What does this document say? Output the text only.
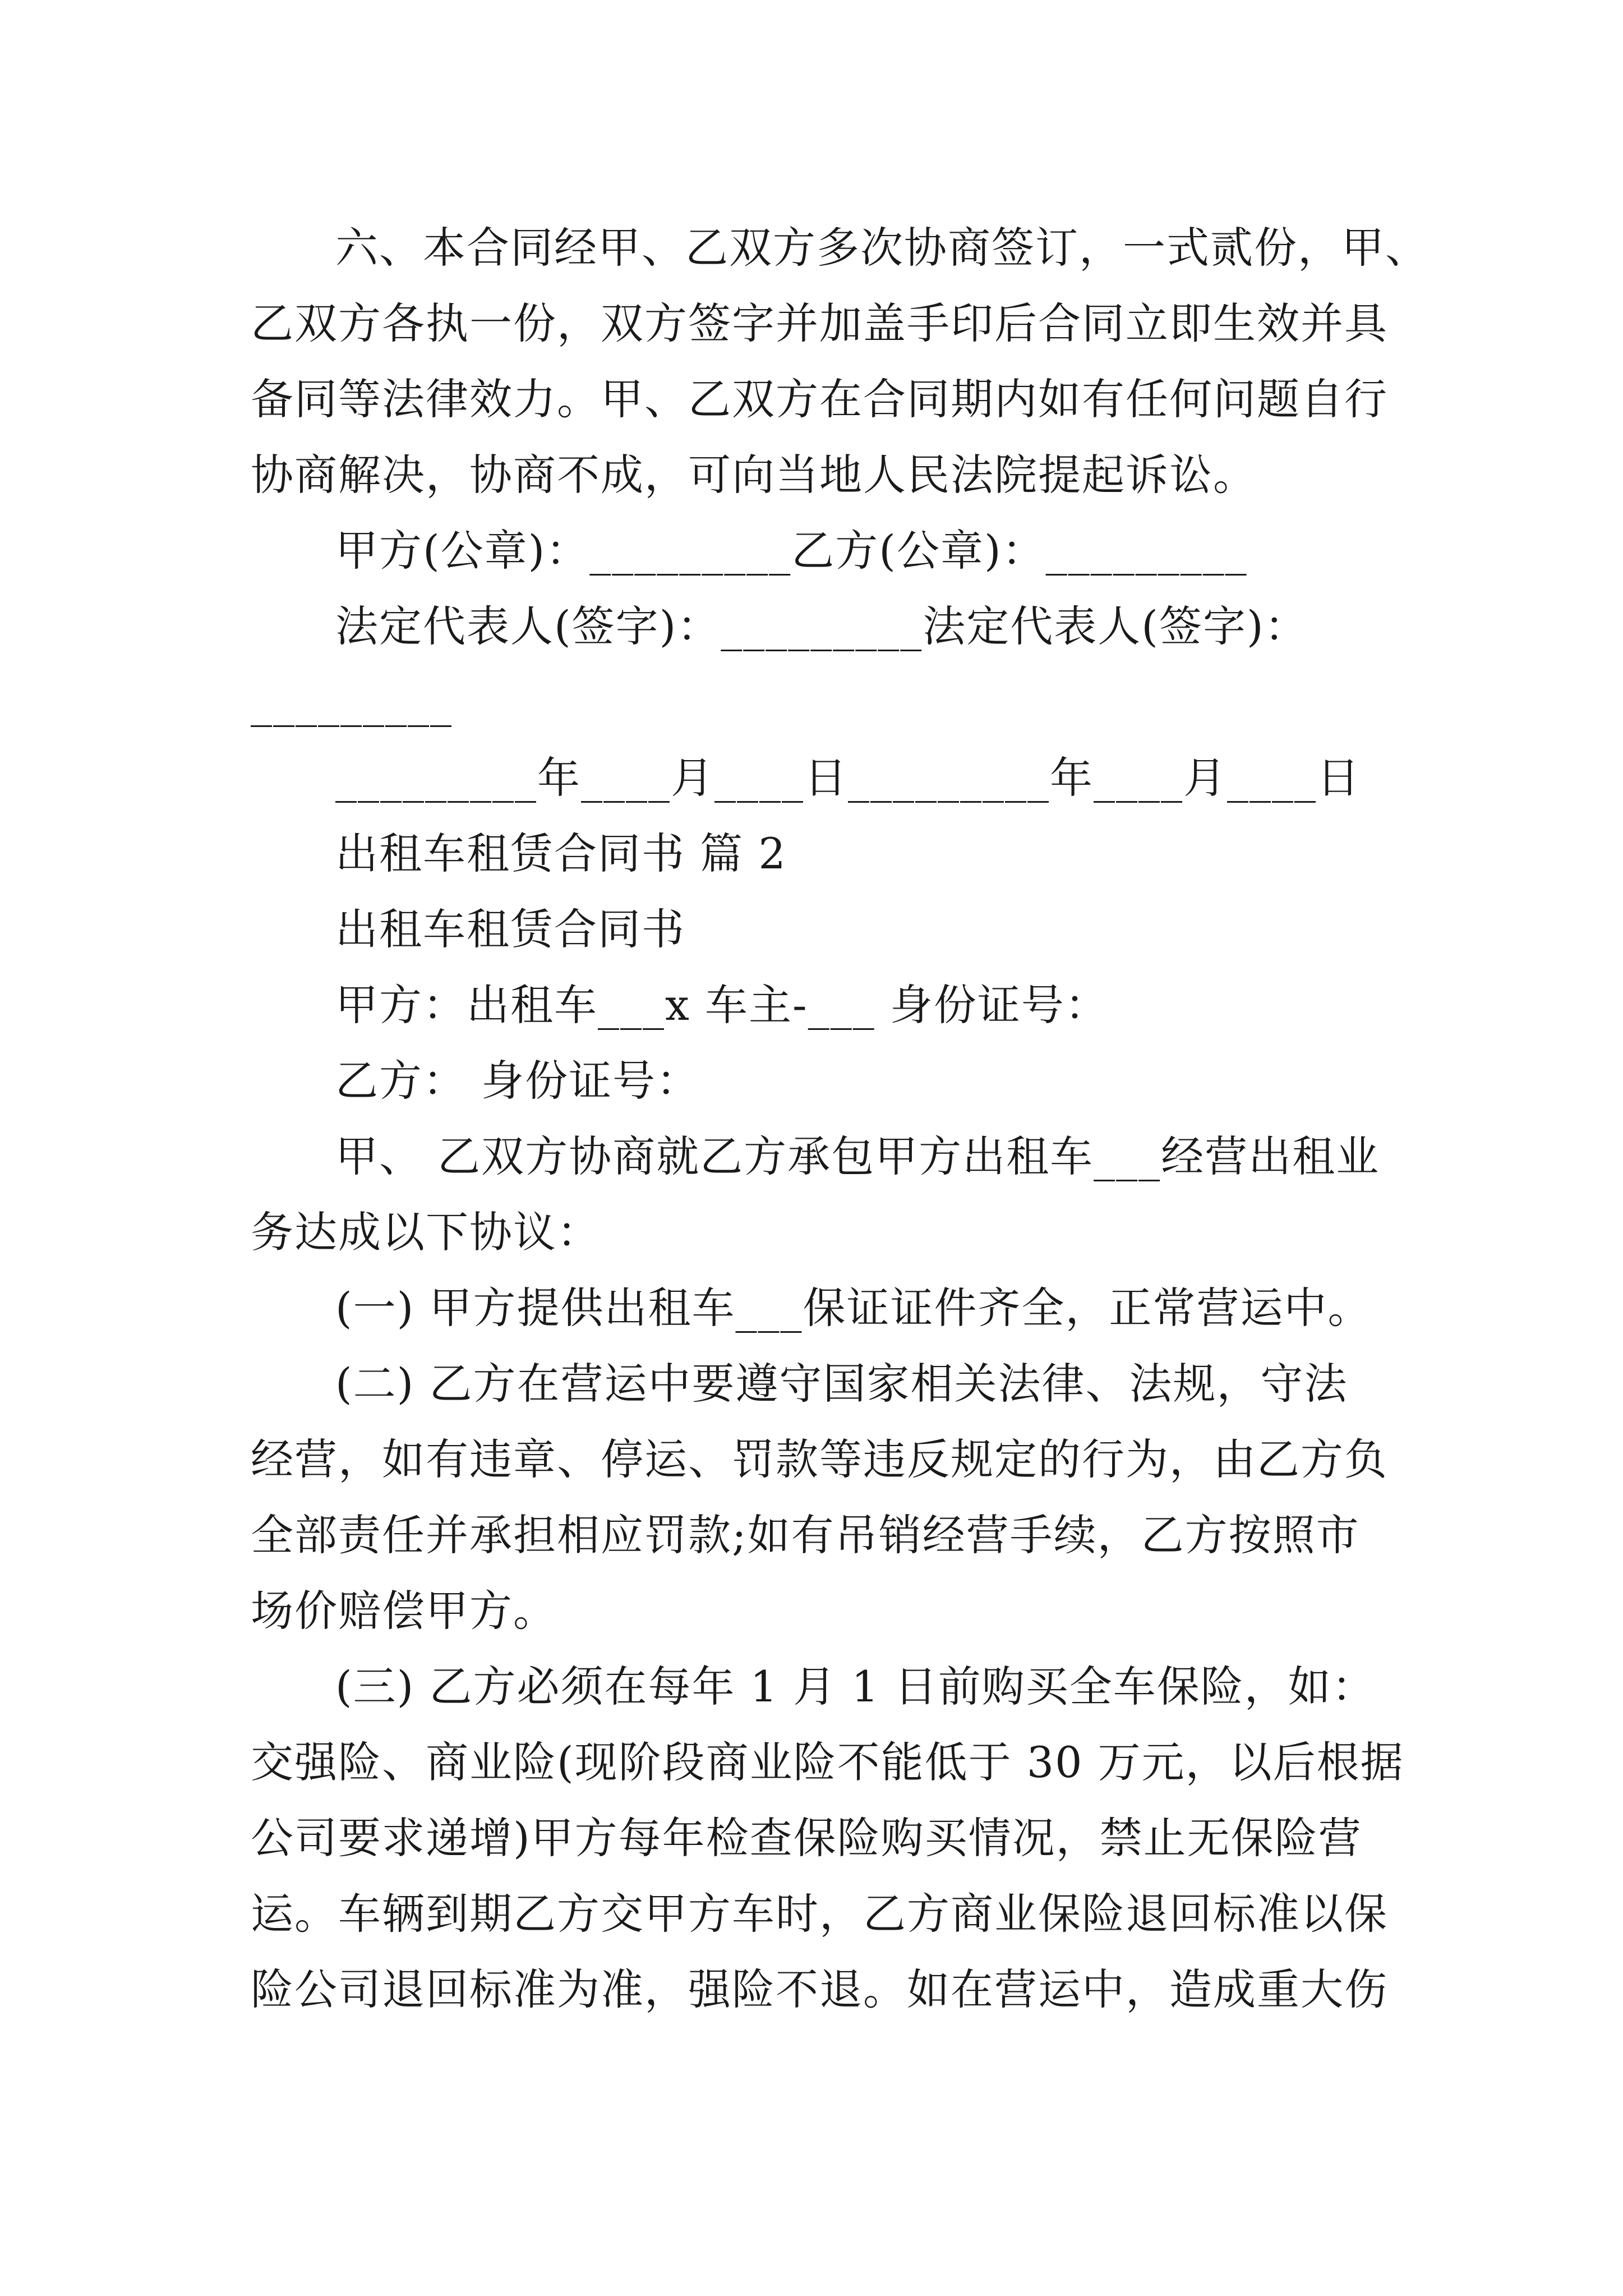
六、本合同经甲、乙双方多次协商签订，一式贰份，甲、
乙双方各执一份，双方签字并加盖手印后合同立即生效并具
备同等法律效力。甲、乙双方在合同期内如有任何问题自行
协商解决，协商不成，可向当地人民法院提起诉讼。
甲方(公章)：_________乙方(公章)：_________
法定代表人(签字)：_________法定代表人(签字)：
_________
_________年____月____日_________年____月____日
出租车租赁合同书 篇 2
出租车租赁合同书
甲方：出租车___x 车主-___ 身份证号：
乙方： 身份证号：
甲、 乙双方协商就乙方承包甲方出租车___经营出租业
务达成以下协议：
(一) 甲方提供出租车___保证证件齐全，正常营运中。
(二) 乙方在营运中要遵守国家相关法律、法规，守法
经营，如有违章、停运、罚款等违反规定的行为，由乙方负
全部责任并承担相应罚款;如有吊销经营手续，乙方按照市
场价赔偿甲方。
(三) 乙方必须在每年 1 月 1 日前购买全车保险，如：
交强险、商业险(现阶段商业险不能低于 30 万元，以后根据
公司要求递增)甲方每年检查保险购买情况，禁止无保险营
运。车辆到期乙方交甲方车时，乙方商业保险退回标准以保
险公司退回标准为准，强险不退。如在营运中，造成重大伤
